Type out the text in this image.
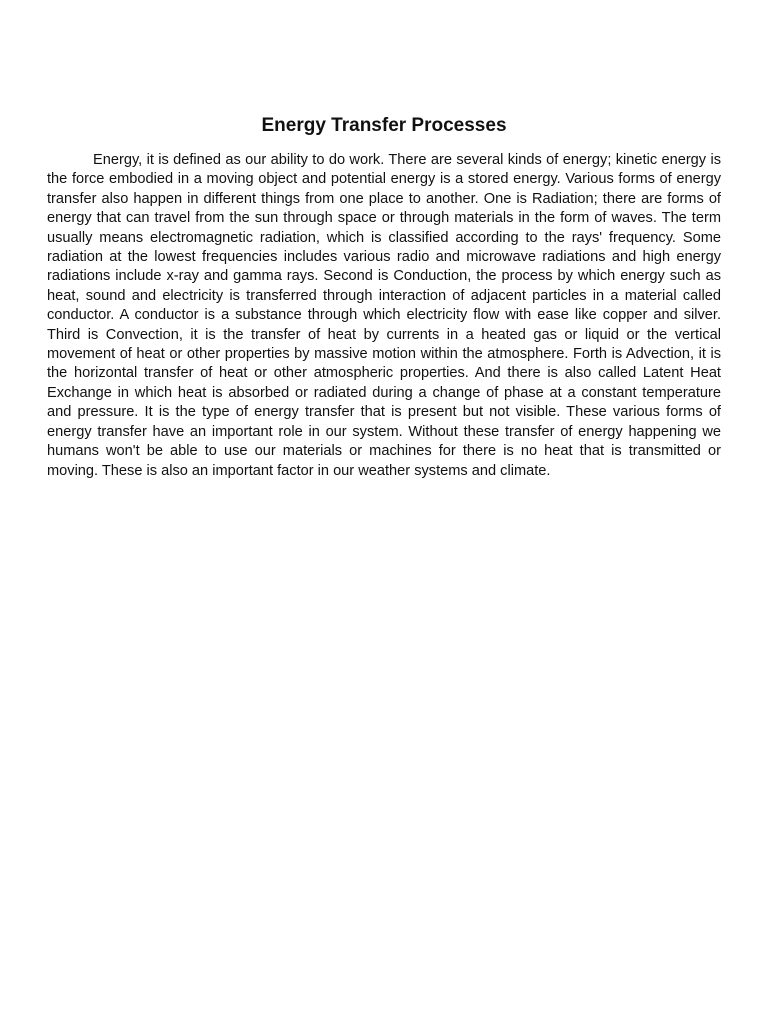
Energy Transfer Processes

Energy, it is defined as our ability to do work. There are several kinds of energy; kinetic energy is the force embodied in a moving object and potential energy is a stored energy. Various forms of energy transfer also happen in different things from one place to another. One is Radiation; there are forms of energy that can travel from the sun through space or through materials in the form of waves. The term usually means electromagnetic radiation, which is classified according to the rays' frequency. Some radiation at the lowest frequencies includes various radio and microwave radiations and high energy radiations include x-ray and gamma rays. Second is Conduction, the process by which energy such as heat, sound and electricity is transferred through interaction of adjacent particles in a material called conductor. A conductor is a substance through which electricity flow with ease like copper and silver. Third is Convection, it is the transfer of heat by currents in a heated gas or liquid or the vertical movement of heat or other properties by massive motion within the atmosphere. Forth is Advection, it is the horizontal transfer of heat or other atmospheric properties. And there is also called Latent Heat Exchange in which heat is absorbed or radiated during a change of phase at a constant temperature and pressure. It is the type of energy transfer that is present but not visible. These various forms of energy transfer have an important role in our system. Without these transfer of energy happening we humans won't be able to use our materials or machines for there is no heat that is transmitted or moving. These is also an important factor in our weather systems and climate.
